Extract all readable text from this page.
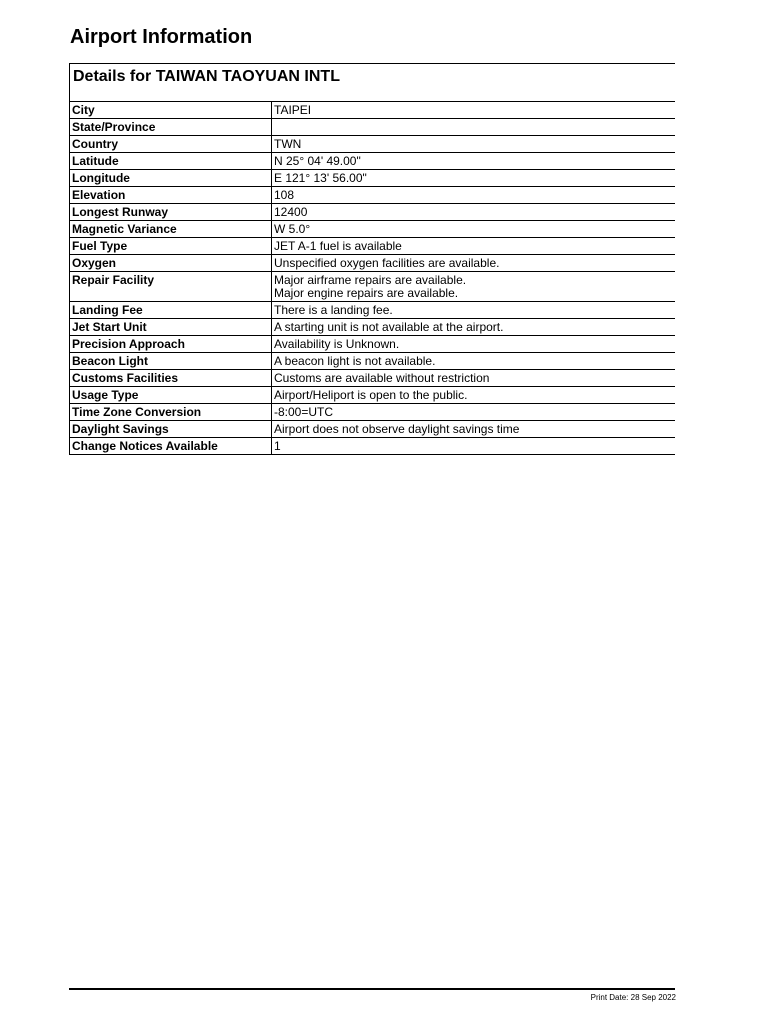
Airport Information
Details for TAIWAN TAOYUAN INTL
City	TAIPEI

State/Province	

Country	TWN

Latitude	N 25° 04' 49.00"

Longitude	E 121° 13' 56.00"

Elevation	108

Longest Runway	12400

Magnetic Variance	W 5.0°

Fuel Type	JET A-1 fuel is available

Oxygen	Unspecified oxygen facilities are available.

Repair Facility	Major airframe repairs are available.
Major engine repairs are available.

Landing Fee	There is a landing fee.

Jet Start Unit	A starting unit is not available at the airport.

Precision Approach	Availability is Unknown.

Beacon Light	A beacon light is not available.

Customs Facilities	Customs are available without restriction

Usage Type	Airport/Heliport is open to the public.

Time Zone Conversion	-8:00=UTC

Daylight Savings	Airport does not observe daylight savings time

Change Notices Available	1
Print Date: 28 Sep 2022
